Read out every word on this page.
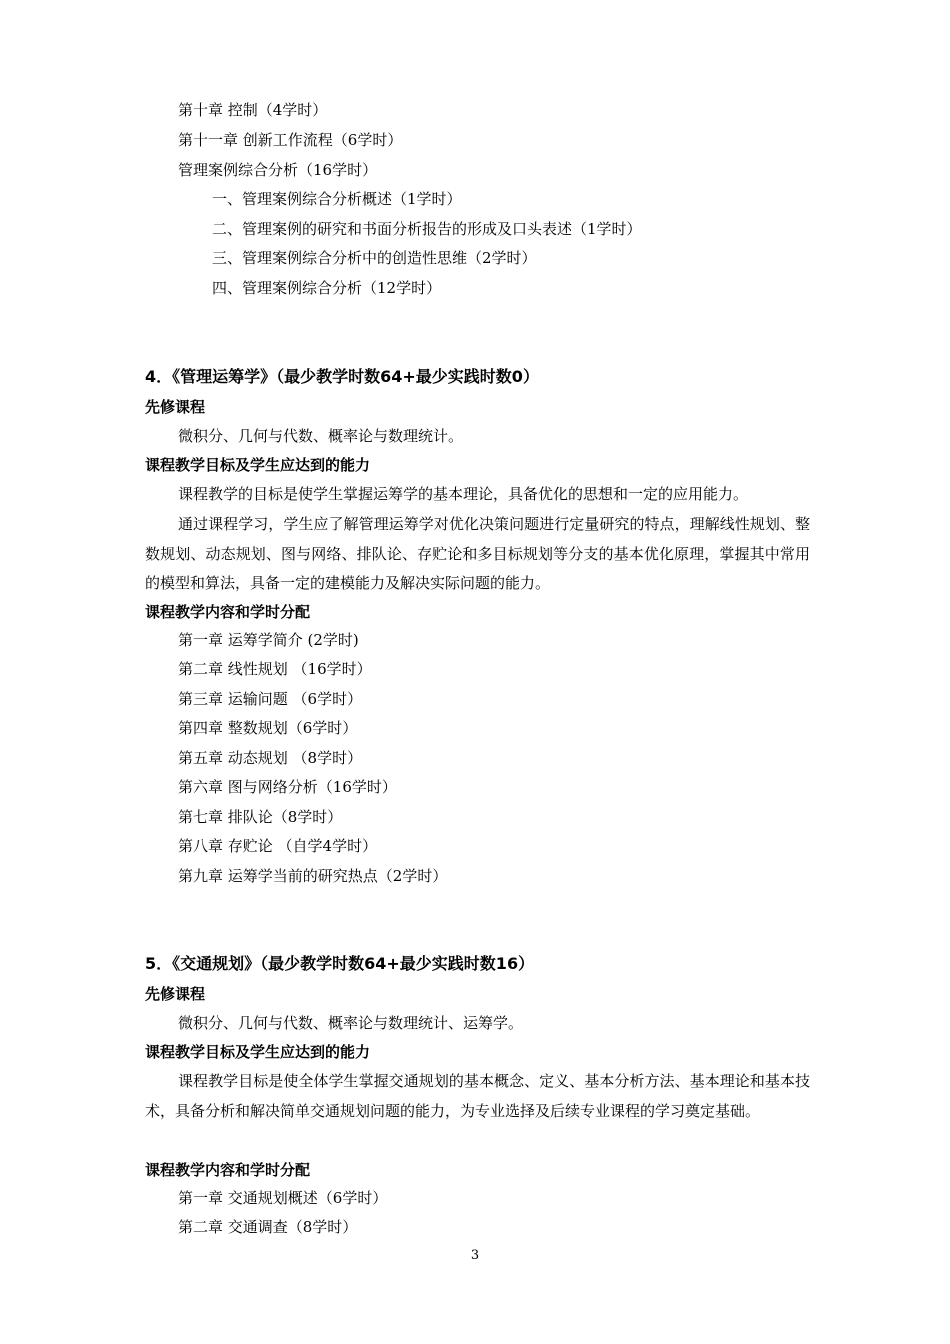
第十章 控制（4学时）
第十一章 创新工作流程（6学时）
管理案例综合分析（16学时）
一、管理案例综合分析概述（1学时）
二、管理案例的研究和书面分析报告的形成及口头表述（1学时）
三、管理案例综合分析中的创造性思维（2学时）
四、管理案例综合分析（12学时）
4．《管理运筹学》（最少教学时数64+最少实践时数0）
先修课程
微积分、几何与代数、概率论与数理统计。
课程教学目标及学生应达到的能力
课程教学的目标是使学生掌握运筹学的基本理论，具备优化的思想和一定的应用能力。
通过课程学习，学生应了解管理运筹学对优化决策问题进行定量研究的特点，理解线性规划、整数规划、动态规划、图与网络、排队论、存贮论和多目标规划等分支的基本优化原理，掌握其中常用的模型和算法，具备一定的建模能力及解决实际问题的能力。
课程教学内容和学时分配
第一章 运筹学简介 (2学时)
第二章 线性规划 （16学时）
第三章 运输问题 （6学时）
第四章 整数规划（6学时）
第五章 动态规划 （8学时）
第六章 图与网络分析（16学时）
第七章 排队论（8学时）
第八章 存贮论 （自学4学时）
第九章 运筹学当前的研究热点（2学时）
5．《交通规划》（最少教学时数64+最少实践时数16）
先修课程
微积分、几何与代数、概率论与数理统计、运筹学。
课程教学目标及学生应达到的能力
课程教学目标是使全体学生掌握交通规划的基本概念、定义、基本分析方法、基本理论和基本技术，具备分析和解决简单交通规划问题的能力，为专业选择及后续专业课程的学习奠定基础。
课程教学内容和学时分配
第一章 交通规划概述（6学时）
第二章 交通调查（8学时）
3
